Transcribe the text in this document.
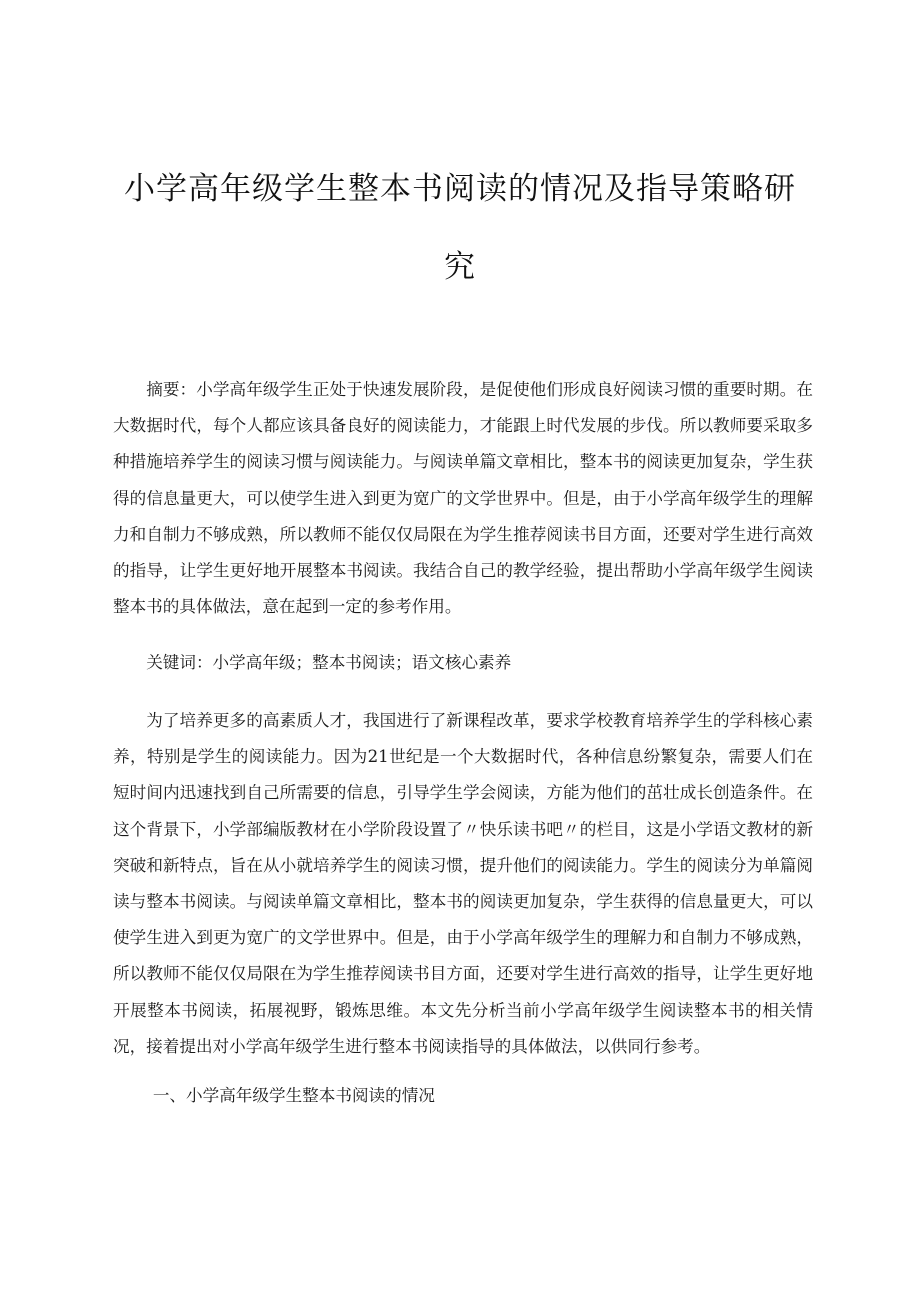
小学高年级学生整本书阅读的情况及指导策略研究

摘要：小学高年级学生正处于快速发展阶段，是促使他们形成良好阅读习惯的重要时期。在大数据时代，每个人都应该具备良好的阅读能力，才能跟上时代发展的步伐。所以教师要采取多种措施培养学生的阅读习惯与阅读能力。与阅读单篇文章相比，整本书的阅读更加复杂，学生获得的信息量更大，可以使学生进入到更为宽广的文学世界中。但是，由于小学高年级学生的理解力和自制力不够成熟，所以教师不能仅仅局限在为学生推荐阅读书目方面，还要对学生进行高效的指导，让学生更好地开展整本书阅读。我结合自己的教学经验，提出帮助小学高年级学生阅读整本书的具体做法，意在起到一定的参考作用。

关键词：小学高年级；整本书阅读；语文核心素养

为了培养更多的高素质人才，我国进行了新课程改革，要求学校教育培养学生的学科核心素养，特别是学生的阅读能力。因为21世纪是一个大数据时代，各种信息纷繁复杂，需要人们在短时间内迅速找到自己所需要的信息，引导学生学会阅读，方能为他们的茁壮成长创造条件。在这个背景下，小学部编版教材在小学阶段设置了〃快乐读书吧〃的栏目，这是小学语文教材的新突破和新特点，旨在从小就培养学生的阅读习惯，提升他们的阅读能力。学生的阅读分为单篇阅读与整本书阅读。与阅读单篇文章相比，整本书的阅读更加复杂，学生获得的信息量更大，可以使学生进入到更为宽广的文学世界中。但是，由于小学高年级学生的理解力和自制力不够成熟，所以教师不能仅仅局限在为学生推荐阅读书目方面，还要对学生进行高效的指导，让学生更好地开展整本书阅读，拓展视野，锻炼思维。本文先分析当前小学高年级学生阅读整本书的相关情况，接着提出对小学高年级学生进行整本书阅读指导的具体做法，以供同行参考。

一、小学高年级学生整本书阅读的情况
